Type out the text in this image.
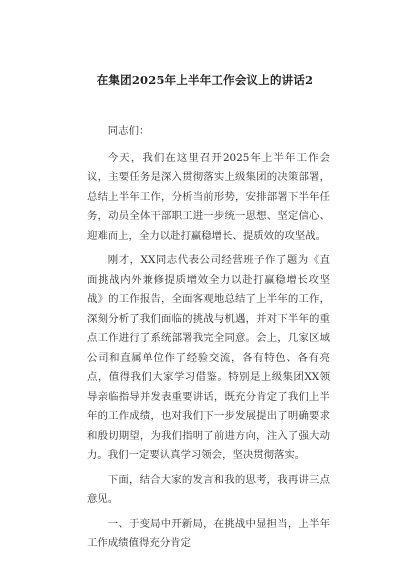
在集团2025年上半年工作会议上的讲话2

同志们：

今天，我们在这里召开2025年上半年工作会议，主要任务是深入贯彻落实上级集团的决策部署，总结上半年工作，分析当前形势，安排部署下半年任务，动员全体干部职工进一步统一思想、坚定信心、迎难而上，全力以赴打赢稳增长、提质效的攻坚战。

刚才，XX同志代表公司经营班子作了题为《直面挑战内外兼修提质增效全力以赴打赢稳增长攻坚战》的工作报告，全面客观地总结了上半年的工作，深刻分析了我们面临的挑战与机遇，并对下半年的重点工作进行了系统部署我完全同意。会上，几家区域公司和直属单位作了经验交流，各有特色、各有亮点，值得我们大家学习借鉴。特别是上级集团XX领导亲临指导并发表重要讲话，既充分肯定了我们上半年的工作成绩，也对我们下一步发展提出了明确要求和殷切期望，为我们指明了前进方向，注入了强大动力。我们一定要认真学习领会，坚决贯彻落实。

下面，结合大家的发言和我的思考，我再讲三点意见。

一、于变局中开新局，在挑战中显担当，上半年工作成绩值得充分肯定
